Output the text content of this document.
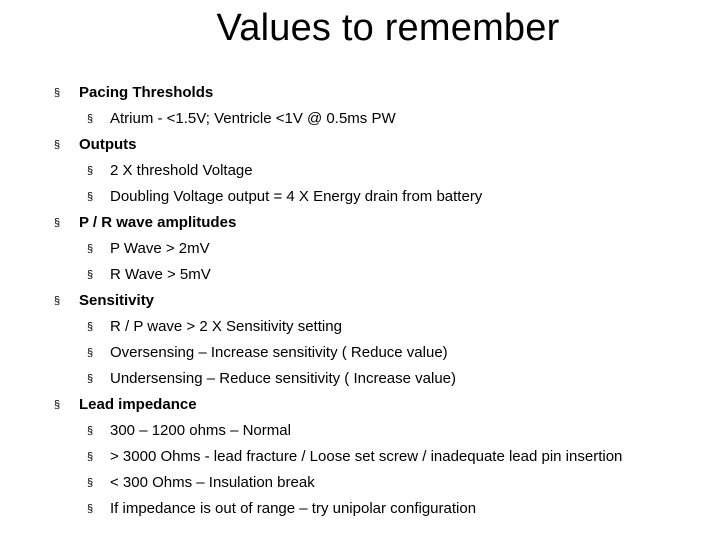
Values to remember
§ Pacing Thresholds
§ Atrium - <1.5V; Ventricle <1V @ 0.5ms PW
§ Outputs
§ 2 X threshold Voltage
§ Doubling Voltage output = 4 X Energy drain from battery
§ P / R wave amplitudes
§ P Wave > 2mV
§ R Wave > 5mV
§ Sensitivity
§ R / P wave > 2 X Sensitivity setting
§ Oversensing – Increase sensitivity ( Reduce value)
§ Undersensing – Reduce sensitivity ( Increase value)
§ Lead impedance
§ 300 – 1200 ohms – Normal
§ > 3000 Ohms - lead fracture / Loose set screw / inadequate lead pin insertion
§ < 300 Ohms – Insulation break
§ If impedance is out of range – try unipolar configuration
